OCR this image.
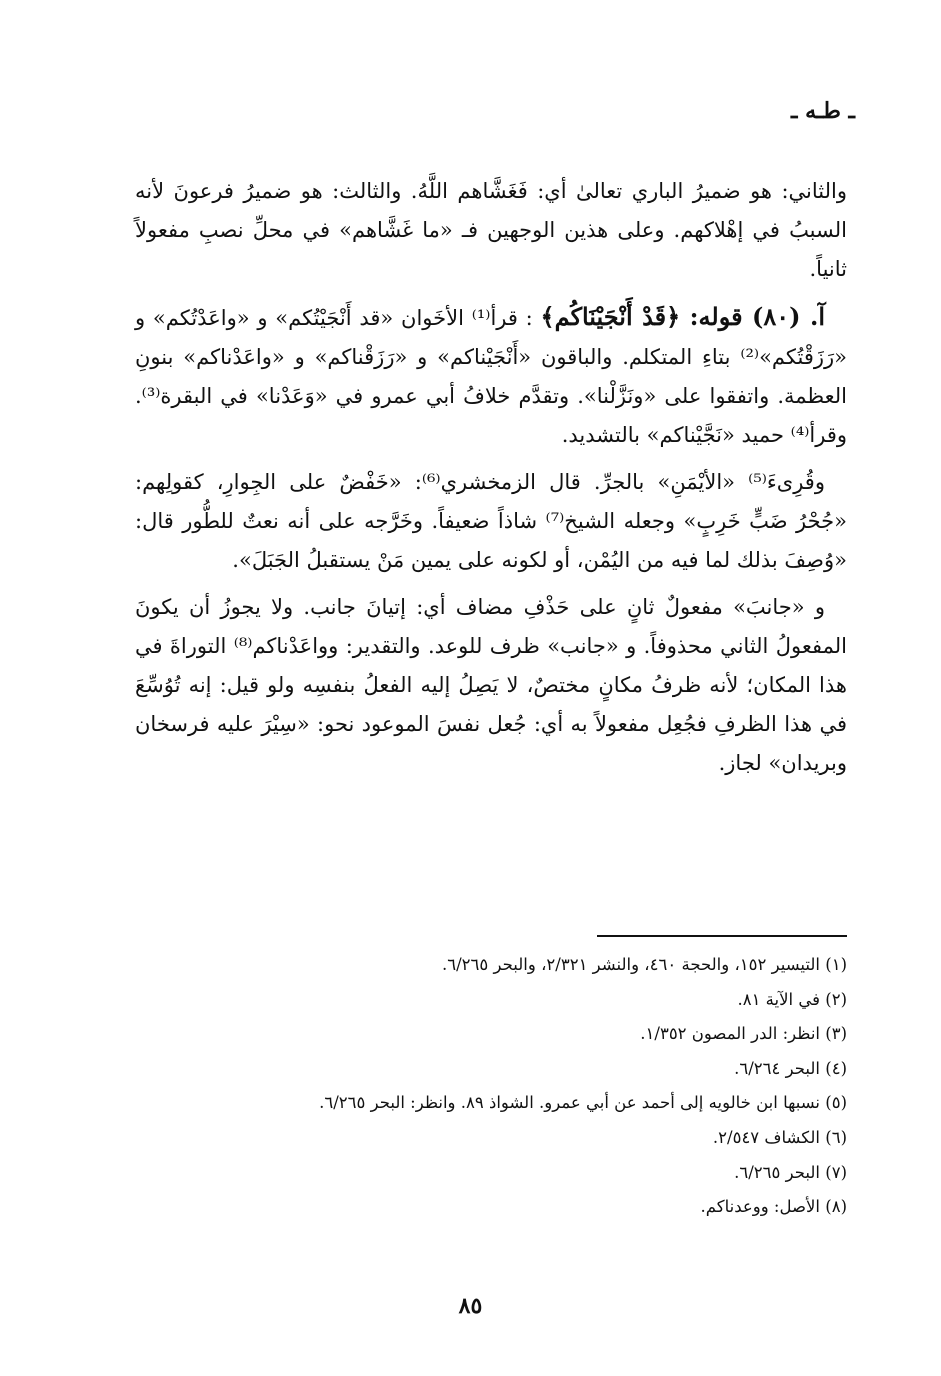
ـ طـه ـ

والثاني: هو ضميرُ الباري تعالىٰ أي: فَغَشَّاهم اللَّهُ. والثالث: هو ضميرُ فرعونَ لأنه السببُ في إهْلاكهم. وعلى هذين الوجهين فـ «ما غَشَّاهم» في محلِّ نصبِ مفعولاً ثانياً.

آ. (٨٠) قوله: ﴿قَدْ أَنْجَيْنَاكُم﴾ : قرأ⁽¹⁾ الأخَوان «قد أَنْجَيْتُكم» و «واعَدْتُكم» و «رَزَقْتُكم»⁽²⁾ بتاءِ المتكلم. والباقون «أَنْجَيْناكم» و «رَزَقْناكم» و «واعَدْناكم» بنونِ العظمة. واتفقوا على «ونَزَّلْنا». وتقدَّم خلافُ أبي عمرو في «وَعَدْنا» في البقرة⁽³⁾. وقرأ⁽⁴⁾ حميد «نَجَّيْناكم» بالتشديد.

وقُرِىءَ⁽⁵⁾ «الأيْمَنِ» بالجرِّ. قال الزمخشري⁽⁶⁾: «خَفْضٌ على الجِوارِ، كقولِهم: «جُحْرُ ضَبٍّ خَرِبٍ» وجعله الشيخ⁽⁷⁾ شاذاً ضعيفاً. وخَرَّجه على أنه نعتٌ للطُّور قال: «وُصِفَ بذلك لما فيه من اليُمْن، أو لكونه على يمين مَنْ يستقبلُ الجَبَلَ».

و «جانبَ» مفعولٌ ثانٍ على حَذْفِ مضاف أي: إتيانَ جانب. ولا يجوزُ أن يكونَ المفعولُ الثاني محذوفاً. و «جانب» ظرف للوعد. والتقدير: وواعَدْناكم⁽⁸⁾ التوراةَ في هذا المكان؛ لأنه ظرفُ مكانٍ مختصٌ، لا يَصِلُ إليه الفعلُ بنفسِه ولو قيل: إنه تُوُسِّعَ في هذا الظرفِ فجُعِل مفعولاً به أي: جُعل نفسَ الموعود نحو: «سِيْرَ عليه فرسخان وبريدان» لجاز.

(١) التيسير ١٥٢، والحجة ٤٦٠، والنشر ٢/٣٢١، والبحر ٦/٢٦٥.
(٢) في الآية ٨١.
(٣) انظر: الدر المصون ١/٣٥٢.
(٤) البحر ٦/٢٦٤.
(٥) نسبها ابن خالويه إلى أحمد عن أبي عمرو. الشواذ ٨٩. وانظر: البحر ٦/٢٦٥.
(٦) الكشاف ٢/٥٤٧.
(٧) البحر ٦/٢٦٥.
(٨) الأصل: ووعدناكم.
٨٥
